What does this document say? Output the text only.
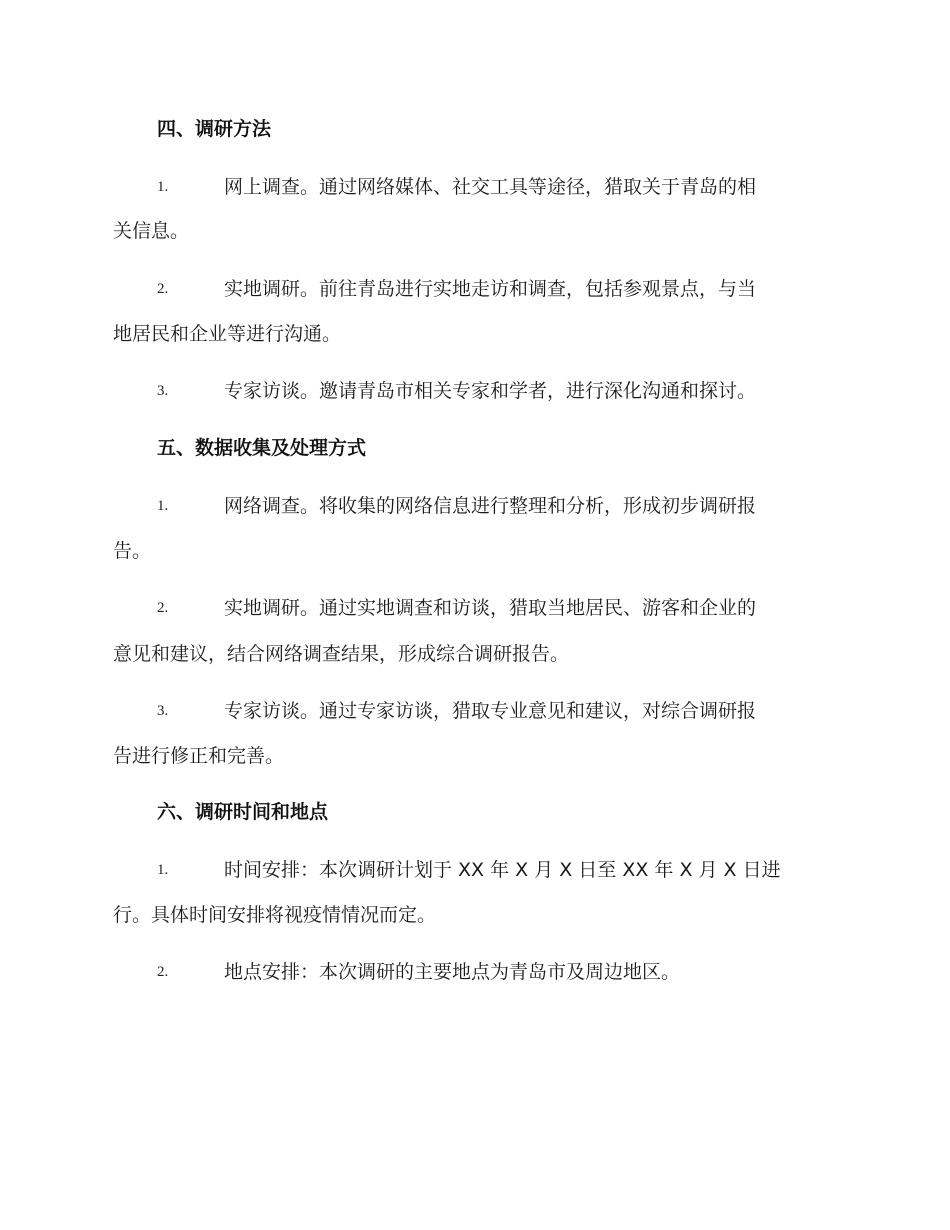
四、调研方法
1.	网上调查。通过网络媒体、社交工具等途径，猎取关于青岛的相
关信息。
2.	实地调研。前往青岛进行实地走访和调查，包括参观景点，与当
地居民和企业等进行沟通。
3.	专家访谈。邀请青岛市相关专家和学者，进行深化沟通和探讨。
五、数据收集及处理方式
1.	网络调查。将收集的网络信息进行整理和分析，形成初步调研报
告。
2.	实地调研。通过实地调查和访谈，猎取当地居民、游客和企业的
意见和建议，结合网络调查结果，形成综合调研报告。
3.	专家访谈。通过专家访谈，猎取专业意见和建议，对综合调研报
告进行修正和完善。
六、调研时间和地点
1.	时间安排：本次调研计划于 XX 年 X 月 X 日至 XX 年 X 月 X 日进
行。具体时间安排将视疫情情况而定。
2.	地点安排：本次调研的主要地点为青岛市及周边地区。
